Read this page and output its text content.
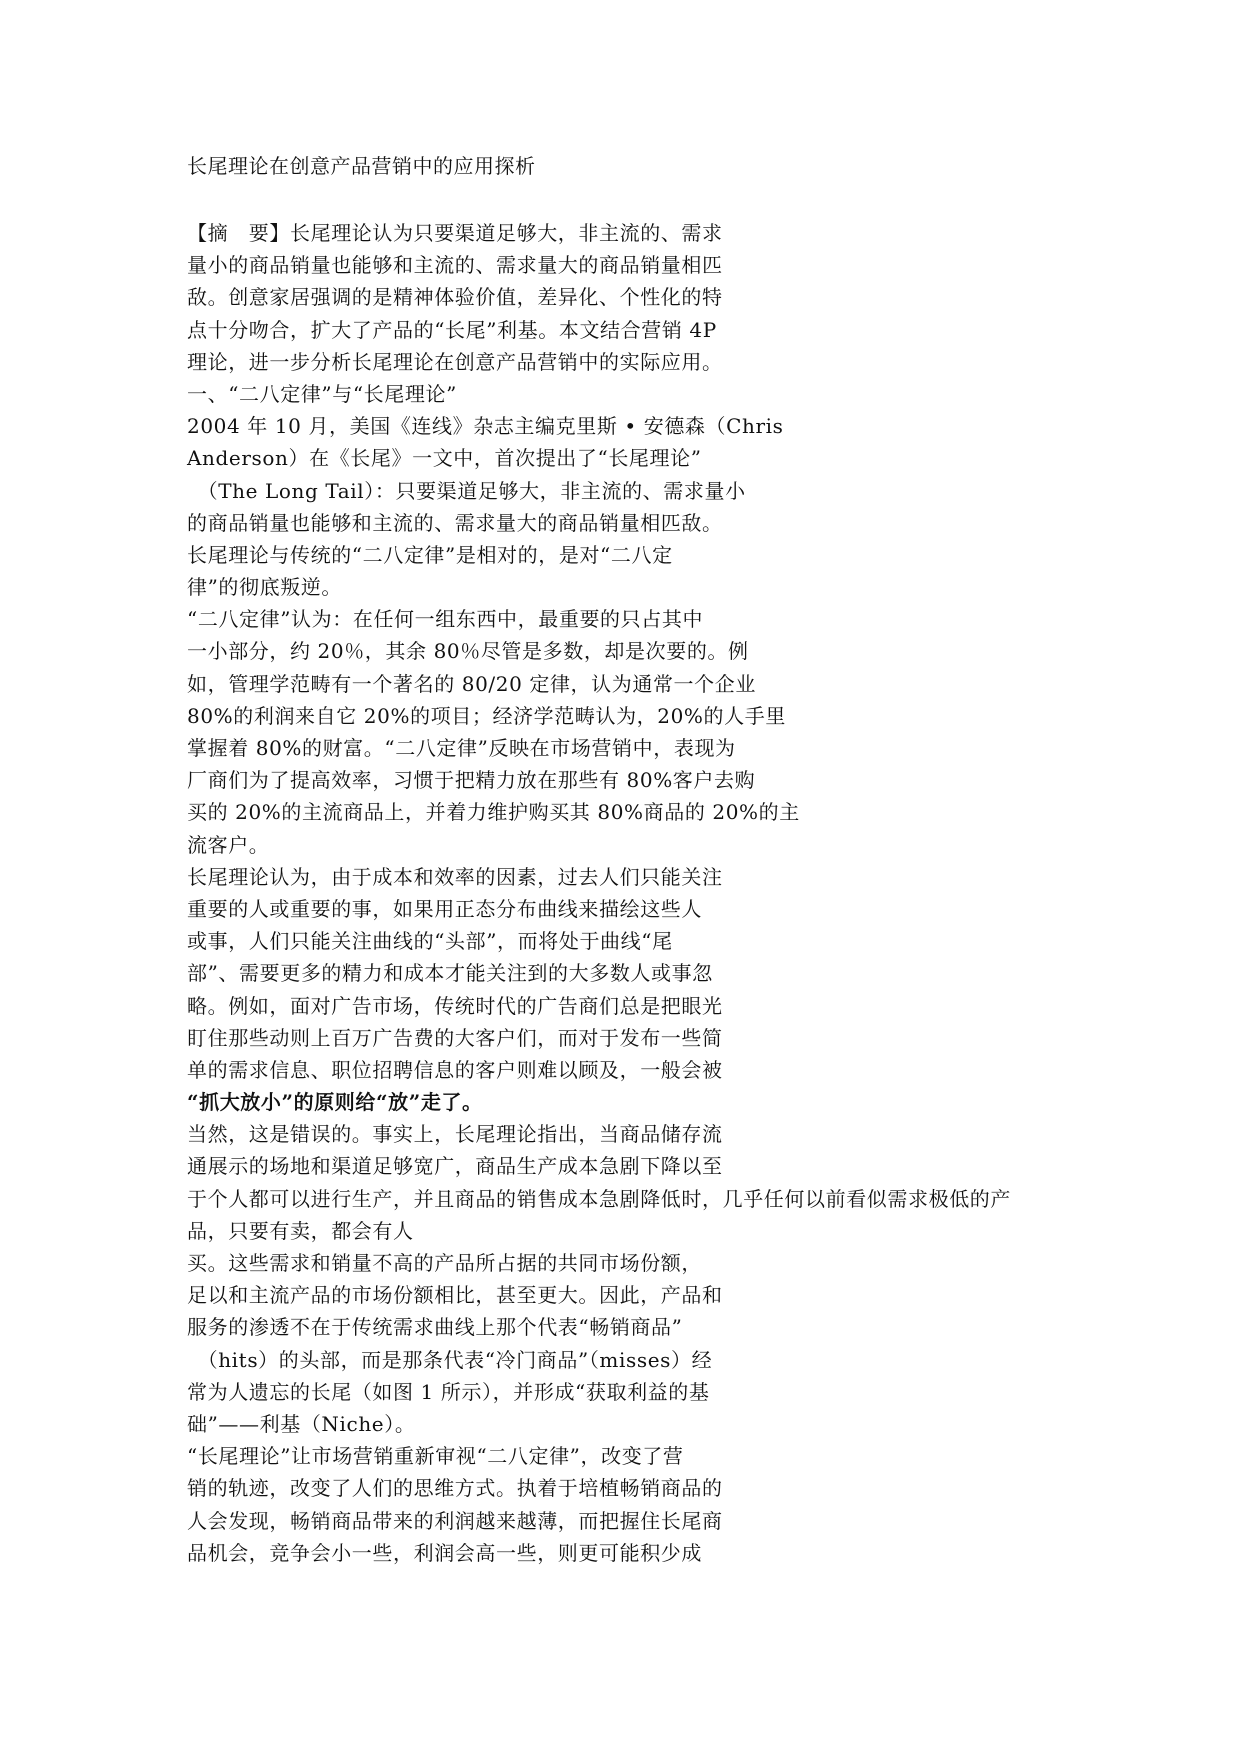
长尾理论在创意产品营销中的应用探析
【摘　要】长尾理论认为只要渠道足够大，非主流的、需求
量小的商品销量也能够和主流的、需求量大的商品销量相匹
敌。创意家居强调的是精神体验价值，差异化、个性化的特
点十分吻合，扩大了产品的“长尾”利基。本文结合营销 4P
理论，进一步分析长尾理论在创意产品营销中的实际应用。
一、“二八定律”与“长尾理论”
2004 年 10 月，美国《连线》杂志主编克里斯 • 安德森（Chris
Anderson）在《长尾》一文中，首次提出了“长尾理论”
　（The Long Tail）：只要渠道足够大，非主流的、需求量小
的商品销量也能够和主流的、需求量大的商品销量相匹敌。
长尾理论与传统的“二八定律”是相对的，是对“二八定
律”的彻底叛逆。
“二八定律”认为：在任何一组东西中，最重要的只占其中
一小部分，约 20％，其余 80％尽管是多数，却是次要的。例
如，管理学范畴有一个著名的 80/20 定律，认为通常一个企业
80%的利润来自它 20%的项目；经济学范畴认为，20%的人手里
掌握着 80%的财富。“二八定律”反映在市场营销中，表现为
厂商们为了提高效率，习惯于把精力放在那些有 80%客户去购
买的 20%的主流商品上，并着力维护购买其 80%商品的 20%的主
流客户。
长尾理论认为，由于成本和效率的因素，过去人们只能关注
重要的人或重要的事，如果用正态分布曲线来描绘这些人
或事，人们只能关注曲线的“头部”，而将处于曲线“尾
部”、需要更多的精力和成本才能关注到的大多数人或事忽
略。例如，面对广告市场，传统时代的广告商们总是把眼光
盯住那些动则上百万广告费的大客户们，而对于发布一些简
单的需求信息、职位招聘信息的客户则难以顾及，一般会被
“抓大放小”的原则给“放”走了。
当然，这是错误的。事实上，长尾理论指出，当商品储存流
通展示的场地和渠道足够宽广，商品生产成本急剧下降以至
于个人都可以进行生产，并且商品的销售成本急剧降低时，几乎任何以前看似需求极低的产
品，只要有卖，都会有人
买。这些需求和销量不高的产品所占据的共同市场份额，
足以和主流产品的市场份额相比，甚至更大。因此，产品和
服务的渗透不在于传统需求曲线上那个代表“畅销商品”
　（hits）的头部，而是那条代表“冷门商品”（misses）经
常为人遗忘的长尾（如图 1 所示），并形成“获取利益的基
础”——利基（Niche）。
“长尾理论”让市场营销重新审视“二八定律”，改变了营
销的轨迹，改变了人们的思维方式。执着于培植畅销商品的
人会发现，畅销商品带来的利润越来越薄，而把握住长尾商
品机会，竞争会小一些，利润会高一些，则更可能积少成
